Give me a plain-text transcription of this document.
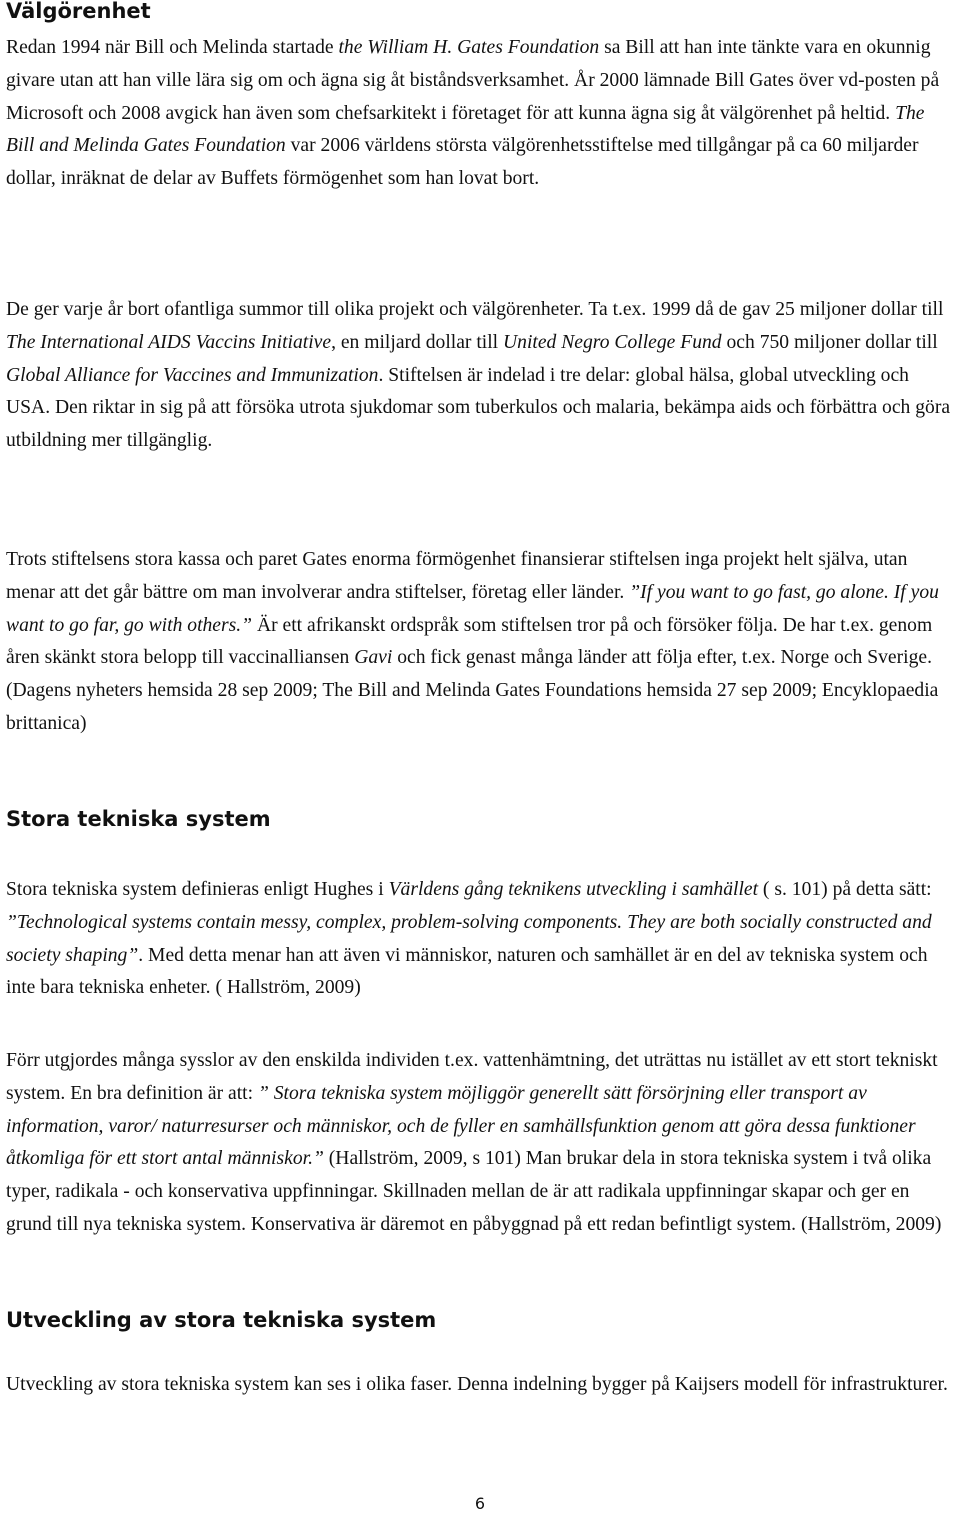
Välgörenhet

Redan 1994 när Bill och Melinda startade the William H. Gates Foundation sa Bill att han inte tänkte vara en okunnig givare utan att han ville lära sig om och ägna sig åt biståndsverksamhet. År 2000 lämnade Bill Gates över vd-posten på Microsoft och 2008 avgick han även som chefsarkitekt i företaget för att kunna ägna sig åt välgörenhet på heltid. The Bill and Melinda Gates Foundation var 2006 världens största välgörenhetsstiftelse med tillgångar på ca 60 miljarder dollar, inräknat de delar av Buffets förmögenhet som han lovat bort.

De ger varje år bort ofantliga summor till olika projekt och välgörenheter. Ta t.ex. 1999 då de gav 25 miljoner dollar till The International AIDS Vaccins Initiative, en miljard dollar till United Negro College Fund och 750 miljoner dollar till Global Alliance for Vaccines and Immunization. Stiftelsen är indelad i tre delar: global hälsa, global utveckling och USA. Den riktar in sig på att försöka utrota sjukdomar som tuberkulos och malaria, bekämpa aids och förbättra och göra utbildning mer tillgänglig.

Trots stiftelsens stora kassa och paret Gates enorma förmögenhet finansierar stiftelsen inga projekt helt själva, utan menar att det går bättre om man involverar andra stiftelser, företag eller länder. ”If you want to go fast, go alone. If you want to go far, go with others.” Är ett afrikanskt ordspråk som stiftelsen tror på och försöker följa. De har t.ex. genom åren skänkt stora belopp till vaccinalliansen Gavi och fick genast många länder att följa efter, t.ex. Norge och Sverige. (Dagens nyheters hemsida 28 sep 2009; The Bill and Melinda Gates Foundations hemsida 27 sep 2009; Encyklopaedia brittanica)

Stora tekniska system

Stora tekniska system definieras enligt Hughes i Världens gång teknikens utveckling i samhället ( s. 101) på detta sätt: ”Technological systems contain messy, complex, problem-solving components. They are both socially constructed and society shaping”. Med detta menar han att även vi människor, naturen och samhället är en del av tekniska system och inte bara tekniska enheter. ( Hallström, 2009)

Förr utgjordes många sysslor av den enskilda individen t.ex. vattenhämtning, det uträttas nu istället av ett stort tekniskt system. En bra definition är att: ” Stora tekniska system möjliggör generellt sätt försörjning eller transport av information, varor/ naturresurser och människor, och de fyller en samhällsfunktion genom att göra dessa funktioner åtkomliga för ett stort antal människor.” (Hallström, 2009, s 101) Man brukar dela in stora tekniska system i två olika typer, radikala - och konservativa uppfinningar. Skillnaden mellan de är att radikala uppfinningar skapar och ger en grund till nya tekniska system. Konservativa är däremot en påbyggnad på ett redan befintligt system. (Hallström, 2009)

Utveckling av stora tekniska system

Utveckling av stora tekniska system kan ses i olika faser. Denna indelning bygger på Kaijsers modell för infrastrukturer.

6
